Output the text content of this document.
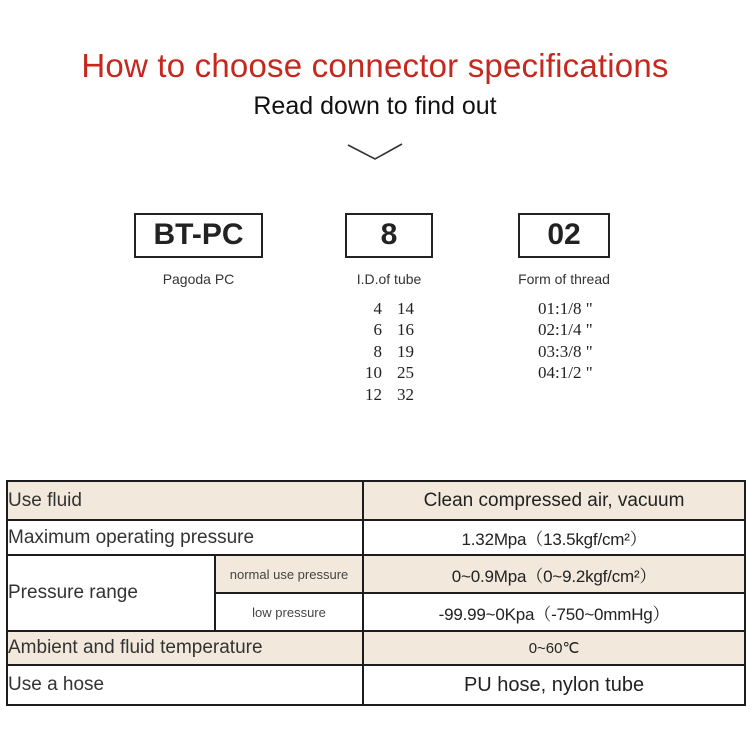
How to choose connector specifications
Read down to find out
BT-PC	8	02
Pagoda PC	I.D.of tube	Form of thread
4 14
6 16
8 19
10 25
12 32
01:1/8 "
02:1/4 "
03:3/8 "
04:1/2 "
Use fluid		Clean compressed air, vacuum
Maximum operating pressure		1.32Mpa（13.5kgf/cm²）
Pressure range	normal use pressure	0~0.9Mpa（0~9.2kgf/cm²）
	low pressure	-99.99~0Kpa（-750~0mmHg）
Ambient and fluid temperature		0~60℃
Use a hose		PU hose, nylon tube
